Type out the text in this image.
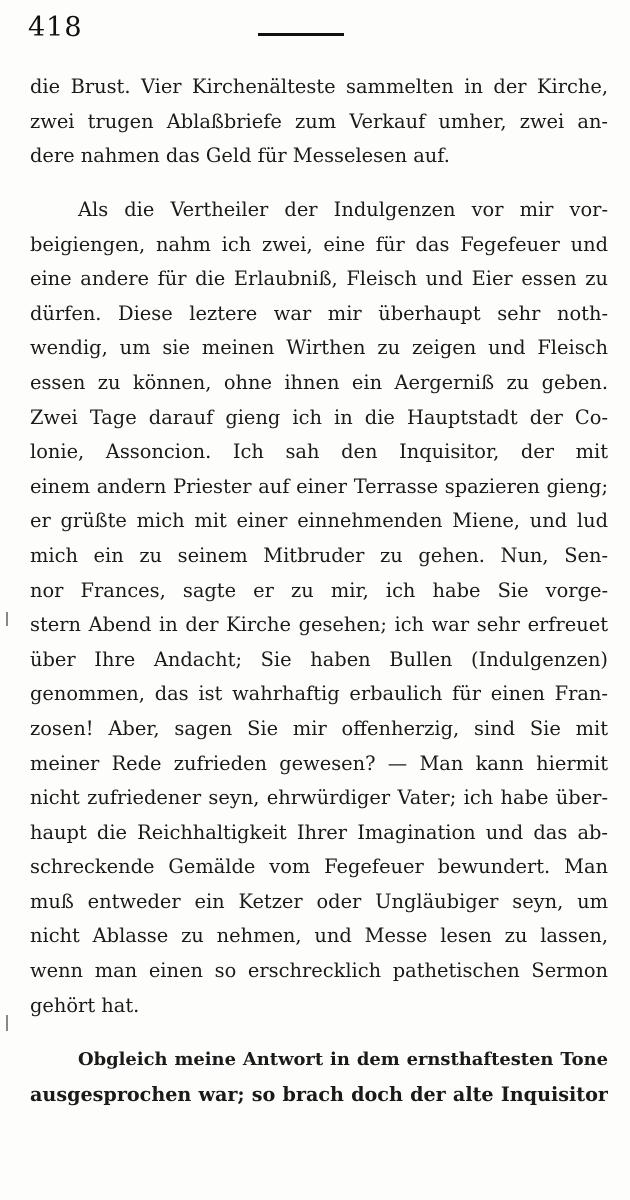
418
die Brust. Vier Kirchenälteste sammelten in der Kirche,
zwei trugen Ablaßbriefe zum Verkauf umher, zwei an-
dere nahmen das Geld für Messelesen auf.
Als die Vertheiler der Indulgenzen vor mir vor-
beigiengen, nahm ich zwei, eine für das Fegefeuer und
eine andere für die Erlaubniß, Fleisch und Eier essen zu
dürfen. Diese leztere war mir überhaupt sehr noth-
wendig, um sie meinen Wirthen zu zeigen und Fleisch
essen zu können, ohne ihnen ein Aergerniß zu geben.
Zwei Tage darauf gieng ich in die Hauptstadt der Co-
lonie, Assoncion. Ich sah den Inquisitor, der mit
einem andern Priester auf einer Terrasse spazieren gieng;
er grüßte mich mit einer einnehmenden Miene, und lud
mich ein zu seinem Mitbruder zu gehen. Nun, Sen-
nor Frances, sagte er zu mir, ich habe Sie vorge-
stern Abend in der Kirche gesehen; ich war sehr erfreuet
über Ihre Andacht; Sie haben Bullen (Indulgenzen)
genommen, das ist wahrhaftig erbaulich für einen Fran-
zosen! Aber, sagen Sie mir offenherzig, sind Sie mit
meiner Rede zufrieden gewesen? — Man kann hiermit
nicht zufriedener seyn, ehrwürdiger Vater; ich habe über-
haupt die Reichhaltigkeit Ihrer Imagination und das ab-
schreckende Gemälde vom Fegefeuer bewundert. Man
muß entweder ein Ketzer oder Ungläubiger seyn, um
nicht Ablasse zu nehmen, und Messe lesen zu lassen,
wenn man einen so erschrecklich pathetischen Sermon
gehört hat.
Obgleich meine Antwort in dem ernsthaftesten Tone
ausgesprochen war; so brach doch der alte Inquisitor
